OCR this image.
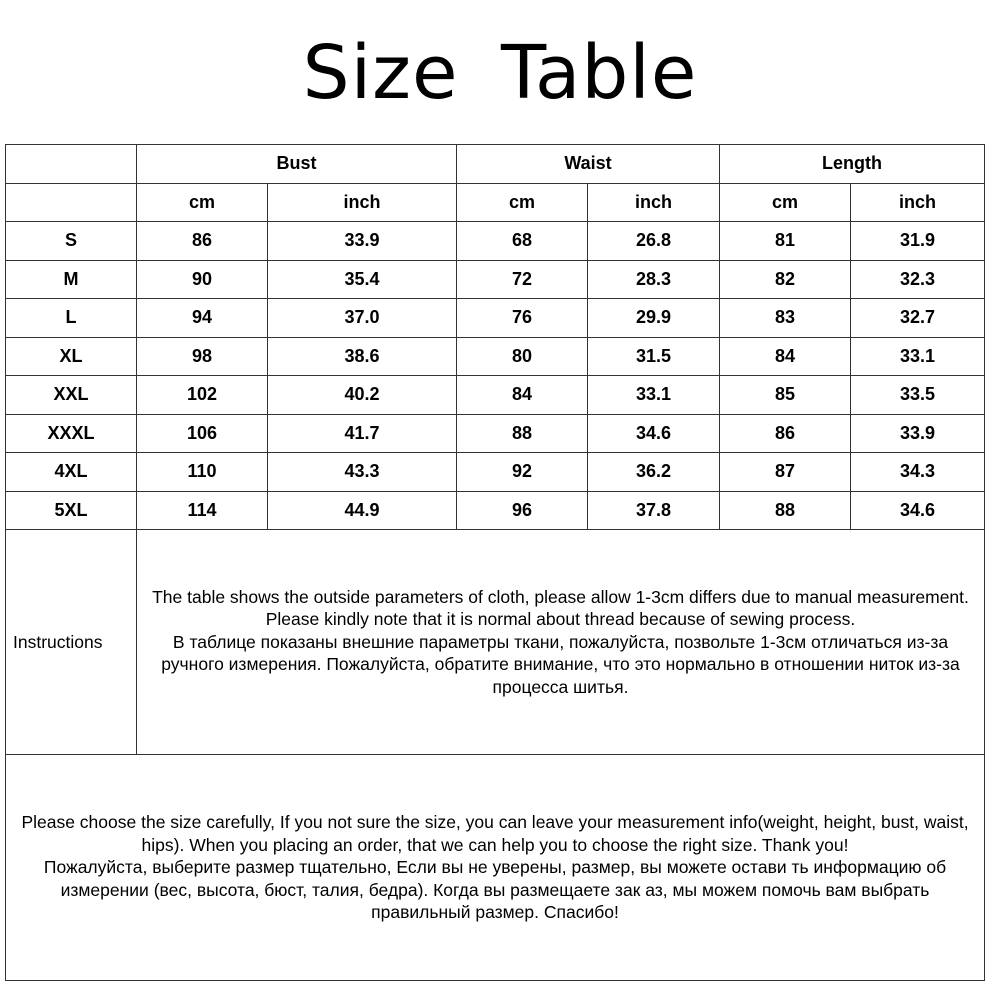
Size Table
	Bust		Waist		Length	
	cm	inch	cm	inch	cm	inch
S	86	33.9	68	26.8	81	31.9
M	90	35.4	72	28.3	82	32.3
L	94	37.0	76	29.9	83	32.7
XL	98	38.6	80	31.5	84	33.1
XXL	102	40.2	84	33.1	85	33.5
XXXL	106	41.7	88	34.6	86	33.9
4XL	110	43.3	92	36.2	87	34.3
5XL	114	44.9	96	37.8	88	34.6
Instructions	The table shows the outside parameters of cloth, please allow 1-3cm differs due to manual measurement. Please kindly note that it is normal about thread because of sewing process.
В таблице показаны внешние параметры ткани, пожалуйста, позвольте 1-3см отличаться из-за ручного измерения. Пожалуйста, обратите внимание, что это нормально в отношении ниток из-за процесса шитья.					

Please choose the size carefully, If you not sure the size, you can leave your measurement info(weight, height, bust, waist, hips). When you placing an order, that we can help you to choose the right size. Thank you!
Пожалуйста, выберите размер тщательно, Если вы не уверены, размер, вы можете остави ть информацию об измерении (вес, высота, бюст, талия, бедра). Когда вы размещаете зак аз, мы можем помочь вам выбрать правильный размер. Спасибо!						
